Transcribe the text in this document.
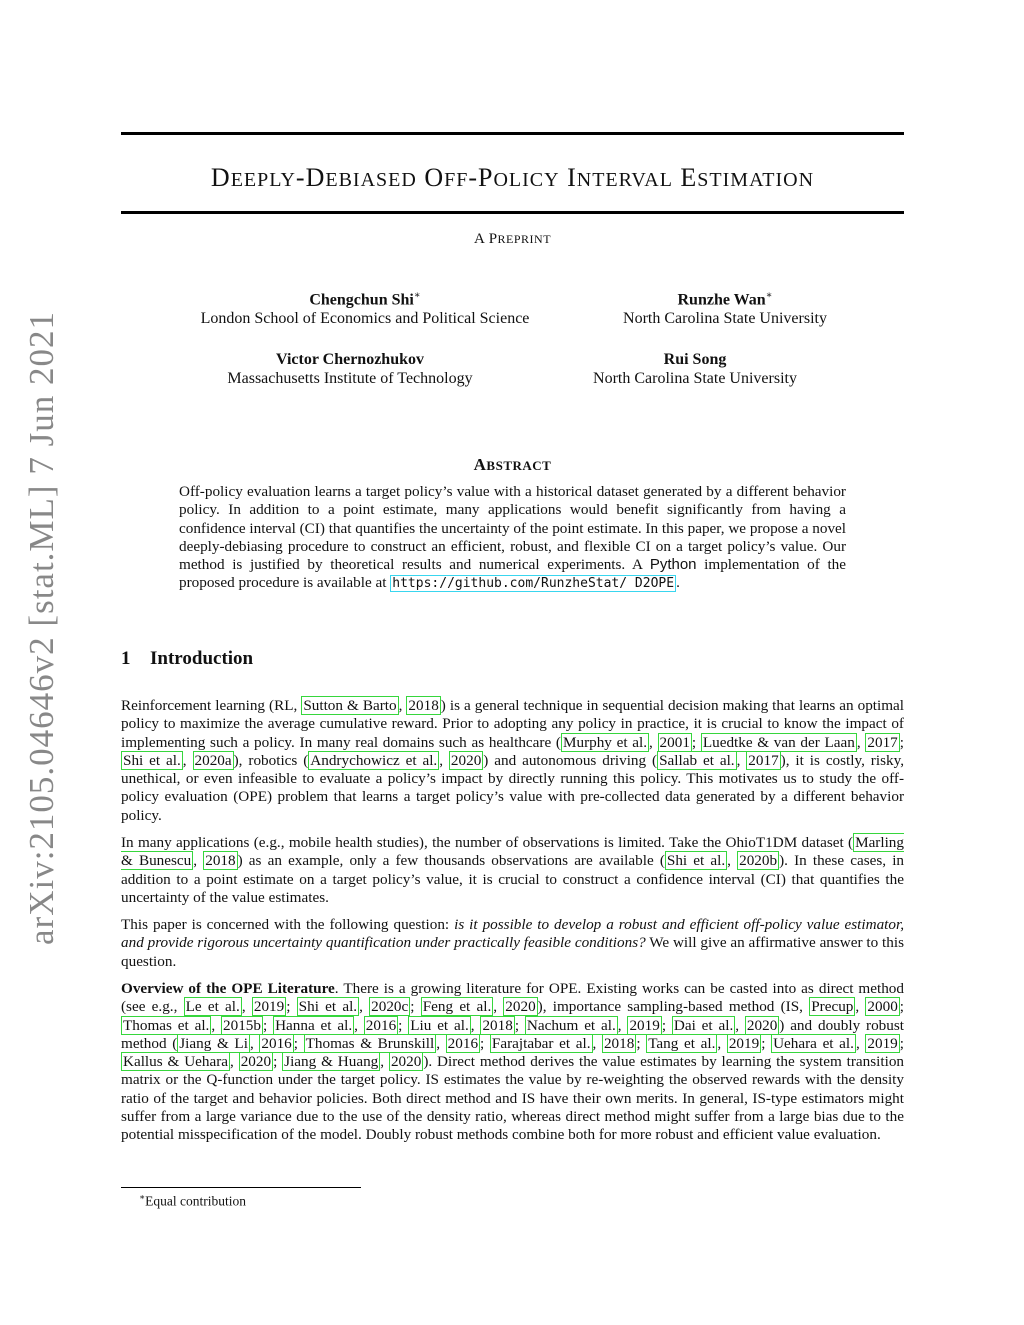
arXiv:2105.04646v2 [stat.ML] 7 Jun 2021
DEEPLY-DEBIASED OFF-POLICY INTERVAL ESTIMATION
A PREPRINT
Chengchun Shi∗
London School of Economics and Political Science
Runzhe Wan∗
North Carolina State University
Victor Chernozhukov
Massachusetts Institute of Technology
Rui Song
North Carolina State University
ABSTRACT
Off-policy evaluation learns a target policy’s value with a historical dataset generated by a different behavior policy. In addition to a point estimate, many applications would benefit significantly from having a confidence interval (CI) that quantifies the uncertainty of the point estimate. In this paper, we propose a novel deeply-debiasing procedure to construct an efficient, robust, and flexible CI on a target policy’s value. Our method is justified by theoretical results and numerical experiments. A Python implementation of the proposed procedure is available at https://github.com/RunzheStat/ D2OPE .
1 Introduction

Reinforcement learning (RL, Sutton & Barto , 2018 ) is a general technique in sequential decision making that learns an optimal policy to maximize the average cumulative reward. Prior to adopting any policy in practice, it is crucial to know the impact of implementing such a policy. In many real domains such as healthcare ( Murphy et al. , 2001 ; Luedtke & van der Laan , 2017 ; Shi et al. , 2020a ), robotics ( Andrychowicz et al. , 2020 ) and autonomous driving ( Sallab et al. , 2017 ), it is costly, risky, unethical, or even infeasible to evaluate a policy’s impact by directly running this policy. This motivates us to study the off-policy evaluation (OPE) problem that learns a target policy’s value with pre-collected data generated by a different behavior policy.

In many applications (e.g., mobile health studies), the number of observations is limited. Take the OhioT1DM dataset ( Marling & Bunescu , 2018 ) as an example, only a few thousands observations are available ( Shi et al. , 2020b ). In these cases, in addition to a point estimate on a target policy’s value, it is crucial to construct a confidence interval (CI) that quantifies the uncertainty of the value estimates.

This paper is concerned with the following question: is it possible to develop a robust and efficient off-policy value estimator, and provide rigorous uncertainty quantification under practically feasible conditions? We will give an affirmative answer to this question.

Overview of the OPE Literature. There is a growing literature for OPE. Existing works can be casted into as direct method (see e.g., Le et al. , 2019 ; Shi et al. , 2020c ; Feng et al. , 2020 ), importance sampling-based method (IS, Precup , 2000 ; Thomas et al. , 2015b ; Hanna et al. , 2016 ; Liu et al. , 2018 ; Nachum et al. , 2019 ; Dai et al. , 2020 ) and doubly robust method ( Jiang & Li , 2016 ; Thomas & Brunskill , 2016 ; Farajtabar et al. , 2018 ; Tang et al. , 2019 ; Uehara et al. , 2019 ; Kallus & Uehara , 2020 ; Jiang & Huang , 2020 ). Direct method derives the value estimates by learning the system transition matrix or the Q-function under the target policy. IS estimates the value by re-weighting the observed rewards with the density ratio of the target and behavior policies. Both direct method and IS have their own merits. In general, IS-type estimators might suffer from a large variance due to the use of the density ratio, whereas direct method might suffer from a large bias due to the potential misspecification of the model. Doubly robust methods combine both for more robust and efficient value evaluation.

∗Equal contribution
